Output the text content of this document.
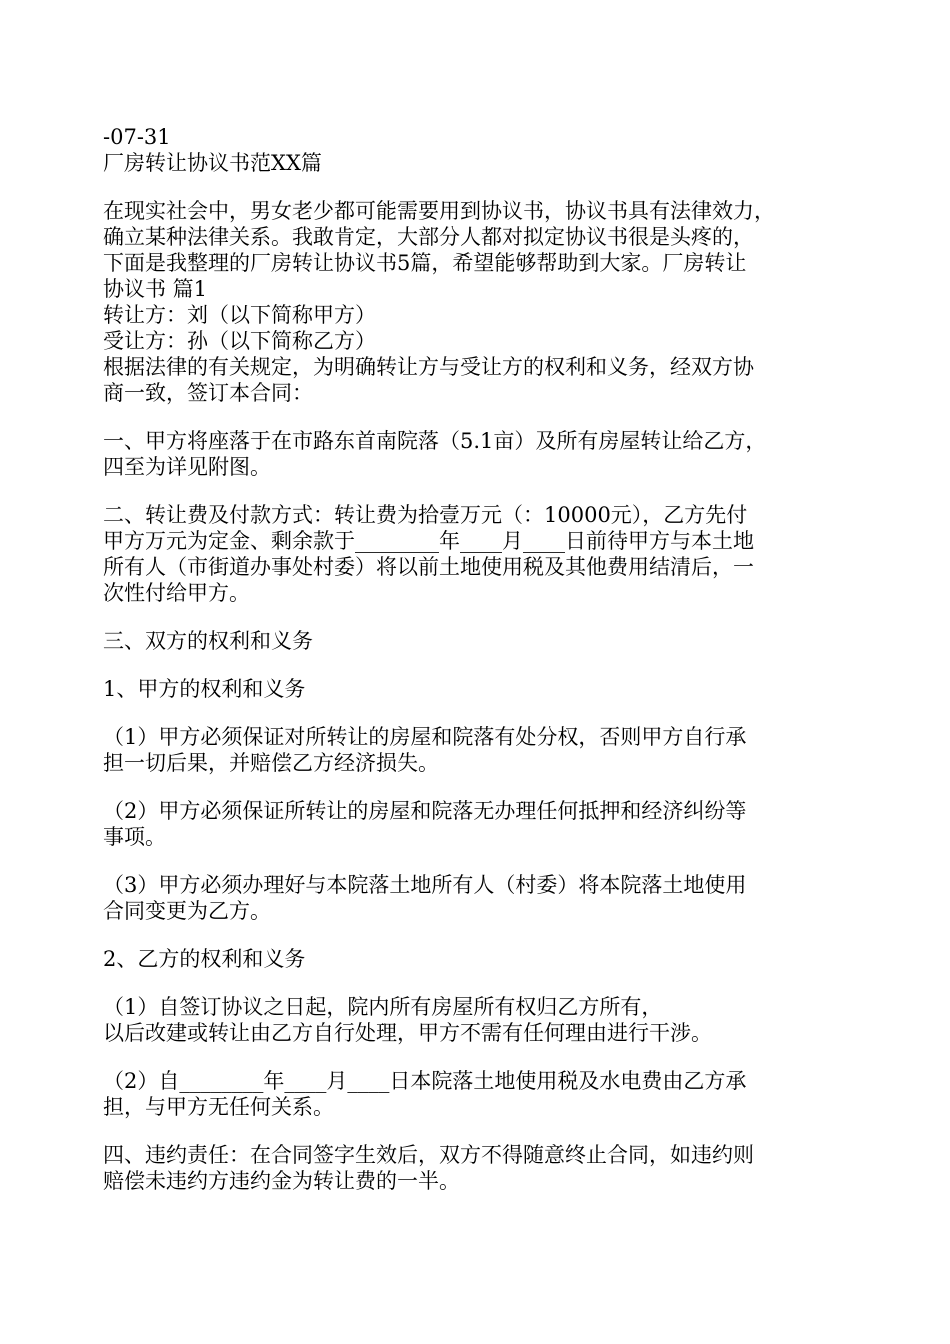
-07-31
厂房转让协议书范XX篇
在现实社会中，男女老少都可能需要用到协议书，协议书具有法律效力，
确立某种法律关系。我敢肯定，大部分人都对拟定协议书很是头疼的，
下面是我整理的厂房转让协议书5篇，希望能够帮助到大家。厂房转让
协议书 篇1
转让方：刘（以下简称甲方）
受让方：孙（以下简称乙方）
根据法律的有关规定，为明确转让方与受让方的权利和义务，经双方协
商一致，签订本合同：
一、甲方将座落于在市路东首南院落（5.1亩）及所有房屋转让给乙方，
四至为详见附图。
二、转让费及付款方式：转让费为拾壹万元（：10000元），乙方先付
甲方万元为定金、剩余款于________年____月____日前待甲方与本土地
所有人（市街道办事处村委）将以前土地使用税及其他费用结清后，一
次性付给甲方。
三、双方的权利和义务
1、甲方的权利和义务
（1）甲方必须保证对所转让的房屋和院落有处分权，否则甲方自行承
担一切后果，并赔偿乙方经济损失。
（2）甲方必须保证所转让的房屋和院落无办理任何抵押和经济纠纷等
事项。
（3）甲方必须办理好与本院落土地所有人（村委）将本院落土地使用
合同变更为乙方。
2、乙方的权利和义务
（1）自签订协议之日起，院内所有房屋所有权归乙方所有，
以后改建或转让由乙方自行处理，甲方不需有任何理由进行干涉。
（2）自________年____月____日本院落土地使用税及水电费由乙方承
担，与甲方无任何关系。
四、违约责任：在合同签字生效后，双方不得随意终止合同，如违约则
赔偿未违约方违约金为转让费的一半。
